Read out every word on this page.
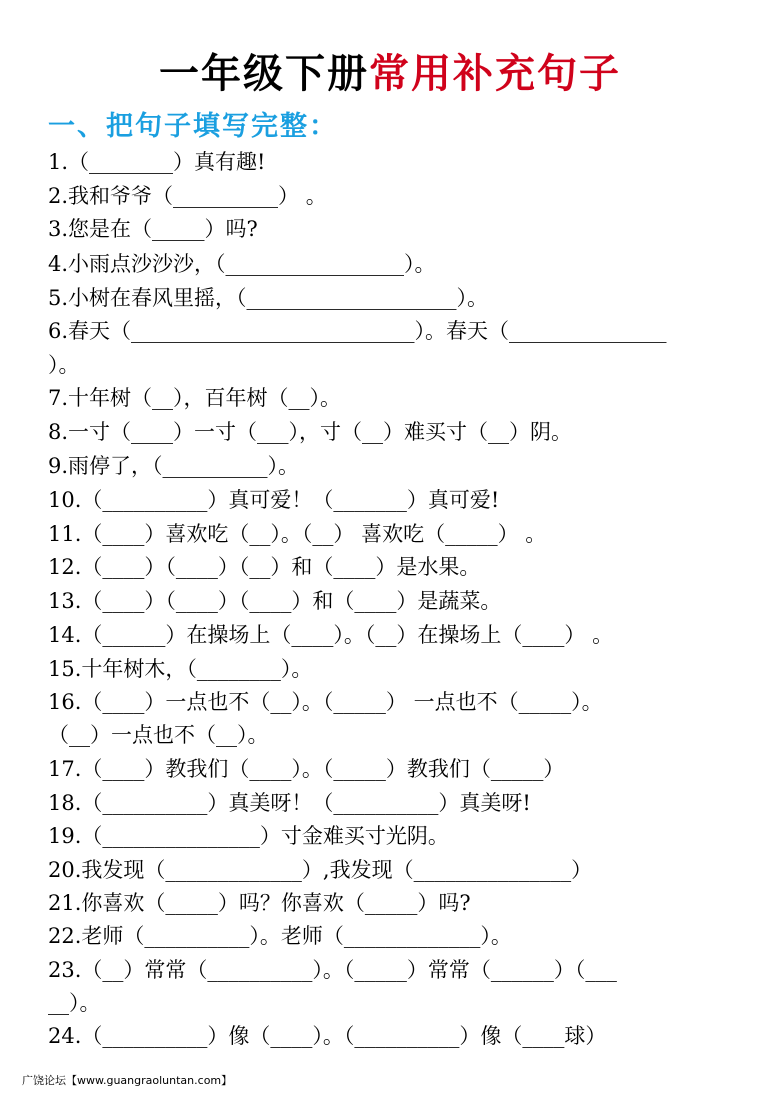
一年级下册常用补充句子
一、把句子填写完整：
1.（________）真有趣!
2.我和爷爷（__________） 。
3.您是在（_____）吗?
4.小雨点沙沙沙，（_________________）。
5.小树在春风里摇，（____________________）。
6.春天（___________________________）。春天（_______________
）。
7.十年树（__），百年树（__）。
8.一寸（____）一寸（___），寸（__）难买寸（__）阴。
9.雨停了，（__________）。
10.（__________）真可爱！（_______）真可爱!
11.（____）喜欢吃（__）。（__） 喜欢吃（_____） 。
12.（____）（____）（__）和（____）是水果。
13.（____）（____）（____）和（____）是蔬菜。
14.（______）在操场上（____）。（__）在操场上（____） 。
15.十年树木，（________）。
16.（____）一点也不（__）。（_____） 一点也不（_____）。
（__）一点也不（__）。
17.（____）教我们（____）。（_____）教我们（_____）
18.（__________）真美呀！（__________）真美呀!
19.（_______________）寸金难买寸光阴。
20.我发现（_____________）,我发现（_______________）
21.你喜欢（_____）吗？你喜欢（_____）吗?
22.老师（__________）。老师（_____________）。
23.（__）常常（__________）。（_____）常常（______）（___
__）。
24.（__________）像（____）。（__________）像（____球）
广饶论坛【www.guangraoluntan.com】
